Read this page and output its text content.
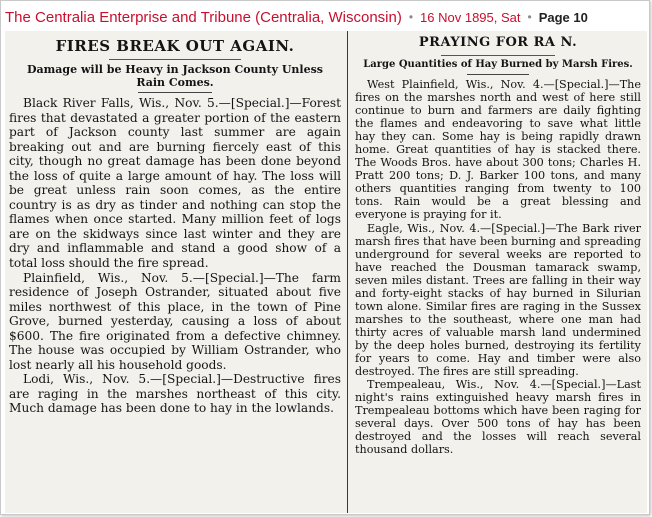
The Centralia Enterprise and Tribune (Centralia, Wisconsin) • 16 Nov 1895, Sat • Page 10
FIRES BREAK OUT AGAIN.
Damage will be Heavy in Jackson County Unless Rain Comes.

Black River Falls, Wis., Nov. 5.—[Special.]—Forest fires that devastated a greater portion of the eastern part of Jackson county last summer are again breaking out and are burning fiercely east of this city, though no great damage has been done beyond the loss of quite a large amount of hay. The loss will be great unless rain soon comes, as the entire country is as dry as tinder and nothing can stop the flames when once started. Many million feet of logs are on the skidways since last winter and they are dry and inflammable and stand a good show of a total loss should the fire spread.

Plainfield, Wis., Nov. 5.—[Special.]—The farm residence of Joseph Ostrander, situated about five miles northwest of this place, in the town of Pine Grove, burned yesterday, causing a loss of about $600. The fire originated from a defective chimney. The house was occupied by William Ostrander, who lost nearly all his household goods.

Lodi, Wis., Nov. 5.—[Special.]—Destructive fires are raging in the marshes northeast of this city. Much damage has been done to hay in the lowlands.

PRAYING FOR RA N.
Large Quantities of Hay Burned by Marsh Fires.

West Plainfield, Wis., Nov. 4.—[Special.]—The fires on the marshes north and west of here still continue to burn and farmers are daily fighting the flames and endeavoring to save what little hay they can. Some hay is being rapidly drawn home. Great quantities of hay is stacked there. The Woods Bros. have about 300 tons; Charles H. Pratt 200 tons; D. J. Barker 100 tons, and many others quantities ranging from twenty to 100 tons. Rain would be a great blessing and everyone is praying for it.

Eagle, Wis., Nov. 4.—[Special.]—The Bark river marsh fires that have been burning and spreading underground for several weeks are reported to have reached the Dousman tamarack swamp, seven miles distant. Trees are falling in their way and forty-eight stacks of hay burned in Silurian town alone. Similar fires are raging in the Sussex marshes to the southeast, where one man had thirty acres of valuable marsh land undermined by the deep holes burned, destroying its fertility for years to come. Hay and timber were also destroyed. The fires are still spreading.

Trempealeau, Wis., Nov. 4.—[Special.]—Last night's rains extinguished heavy marsh fires in Trempealeau bottoms which have been raging for several days. Over 500 tons of hay has been destroyed and the losses will reach several thousand dollars.
